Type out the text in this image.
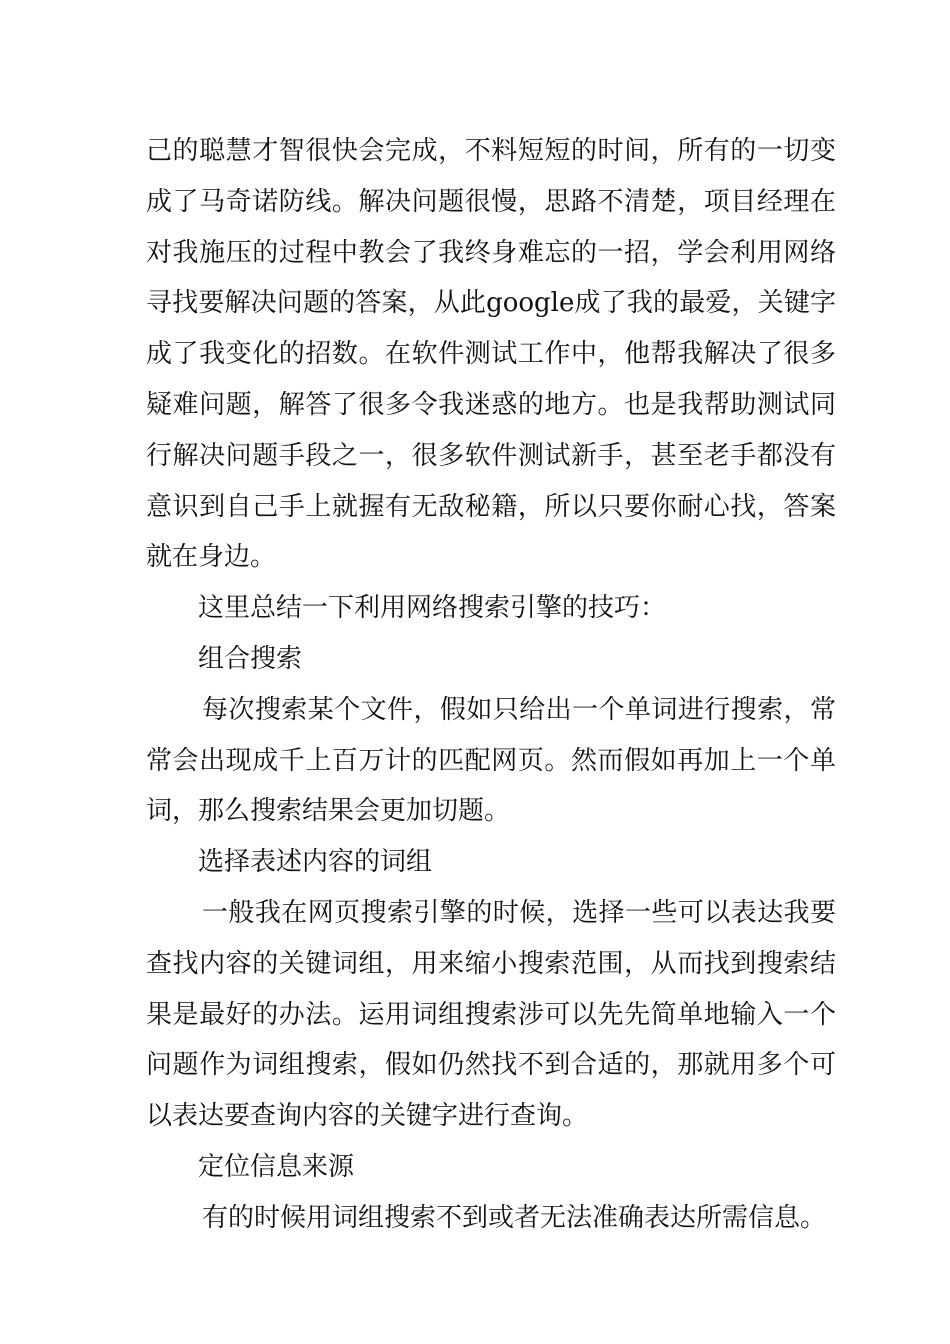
己的聪慧才智很快会完成，不料短短的时间，所有的一切变成了马奇诺防线。解决问题很慢，思路不清楚，项目经理在对我施压的过程中教会了我终身难忘的一招，学会利用网络寻找要解决问题的答案，从此google成了我的最爱，关键字成了我变化的招数。在软件测试工作中，他帮我解决了很多疑难问题，解答了很多令我迷惑的地方。也是我帮助测试同行解决问题手段之一，很多软件测试新手，甚至老手都没有意识到自己手上就握有无敌秘籍，所以只要你耐心找，答案就在身边。

这里总结一下利用网络搜索引擎的技巧：

组合搜索

每次搜索某个文件，假如只给出一个单词进行搜索，常常会出现成千上百万计的匹配网页。然而假如再加上一个单词，那么搜索结果会更加切题。

选择表述内容的词组

一般我在网页搜索引擎的时候，选择一些可以表达我要查找内容的关键词组，用来缩小搜索范围，从而找到搜索结果是最好的办法。运用词组搜索涉可以先先简单地输入一个问题作为词组搜索，假如仍然找不到合适的，那就用多个可以表达要查询内容的关键字进行查询。

定位信息来源

有的时候用词组搜索不到或者无法准确表达所需信息。
